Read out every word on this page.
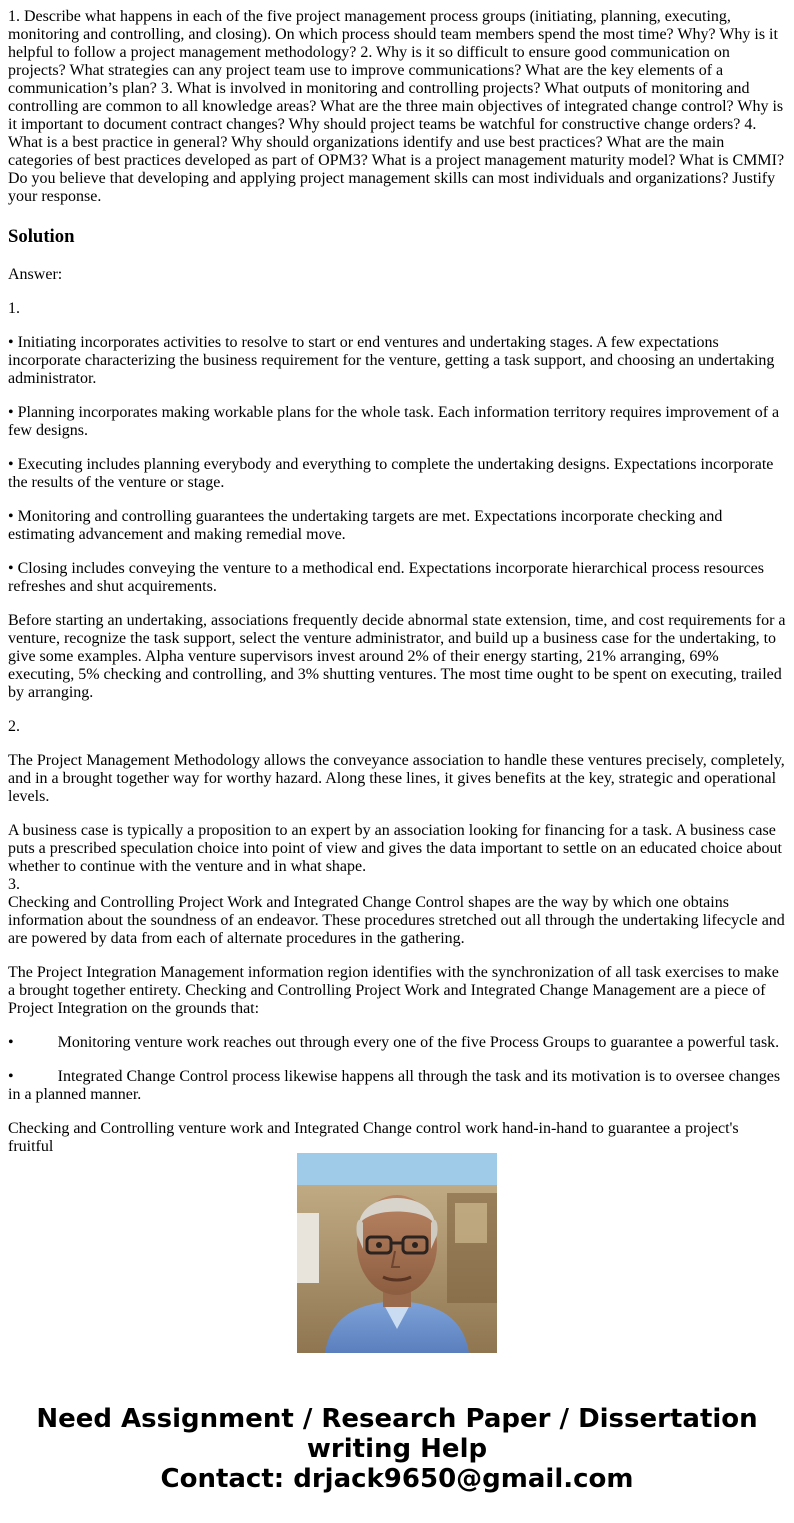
1. Describe what happens in each of the five project management process groups (initiating, planning, executing, monitoring and controlling, and closing). On which process should team members spend the most time? Why? Why is it helpful to follow a project management methodology? 2. Why is it so difficult to ensure good communication on projects? What strategies can any project team use to improve communications? What are the key elements of a communication’s plan? 3. What is involved in monitoring and controlling projects? What outputs of monitoring and controlling are common to all knowledge areas? What are the three main objectives of integrated change control? Why is it important to document contract changes? Why should project teams be watchful for constructive change orders? 4. What is a best practice in general? Why should organizations identify and use best practices? What are the main categories of best practices developed as part of OPM3? What is a project management maturity model? What is CMMI? Do you believe that developing and applying project management skills can most individuals and organizations? Justify your response.

Solution

Answer:

1.

• Initiating incorporates activities to resolve to start or end ventures and undertaking stages. A few expectations incorporate characterizing the business requirement for the venture, getting a task support, and choosing an undertaking administrator.

• Planning incorporates making workable plans for the whole task. Each information territory requires improvement of a few designs.

• Executing includes planning everybody and everything to complete the undertaking designs. Expectations incorporate the results of the venture or stage.

• Monitoring and controlling guarantees the undertaking targets are met. Expectations incorporate checking and estimating advancement and making remedial move.

• Closing includes conveying the venture to a methodical end. Expectations incorporate hierarchical process resources refreshes and shut acquirements.

Before starting an undertaking, associations frequently decide abnormal state extension, time, and cost requirements for a venture, recognize the task support, select the venture administrator, and build up a business case for the undertaking, to give some examples. Alpha venture supervisors invest around 2% of their energy starting, 21% arranging, 69% executing, 5% checking and controlling, and 3% shutting ventures. The most time ought to be spent on executing, trailed by arranging.

2.

The Project Management Methodology allows the conveyance association to handle these ventures precisely, completely, and in a brought together way for worthy hazard. Along these lines, it gives benefits at the key, strategic and operational levels.

A business case is typically a proposition to an expert by an association looking for financing for a task. A business case puts a prescribed speculation choice into point of view and gives the data important to settle on an educated choice about whether to continue with the venture and in what shape.

3.

Checking and Controlling Project Work and Integrated Change Control shapes are the way by which one obtains information about the soundness of an endeavor. These procedures stretched out all through the undertaking lifecycle and are powered by data from each of alternate procedures in the gathering.

The Project Integration Management information region identifies with the synchronization of all task exercises to make a brought together entirety. Checking and Controlling Project Work and Integrated Change Management are a piece of Project Integration on the grounds that:

•	Monitoring venture work reaches out through every one of the five Process Groups to guarantee a powerful task.

•	Integrated Change Control process likewise happens all through the task and its motivation is to oversee changes in a planned manner.

Checking and Controlling venture work and Integrated Change control work hand-in-hand to guarantee a project's fruitful

Need Assignment / Research Paper / Dissertation writing Help
Contact: drjack9650@gmail.com
